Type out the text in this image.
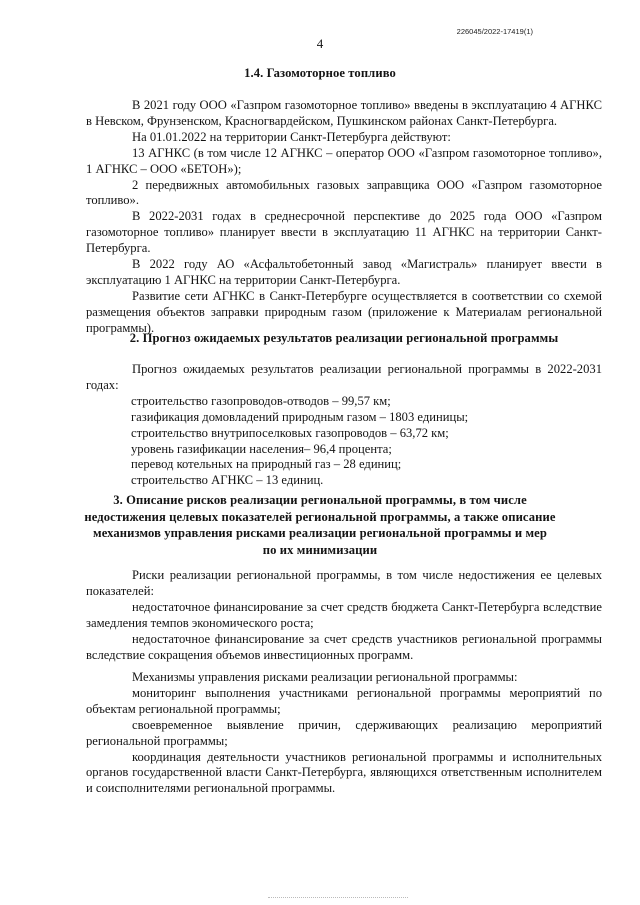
226045/2022-17419(1)
4
1.4. Газомоторное топливо

В 2021 году ООО «Газпром газомоторное топливо» введены в эксплуатацию 4 АГНКС в Невском, Фрунзенском, Красногвардейском, Пушкинском районах Санкт-Петербурга.

На 01.01.2022 на территории Санкт-Петербурга действуют:

13 АГНКС (в том числе 12 АГНКС – оператор ООО «Газпром газомоторное топливо», 1 АГНКС – ООО «БЕТОН»);

2 передвижных автомобильных газовых заправщика ООО «Газпром газомоторное топливо».

В 2022-2031 годах в среднесрочной перспективе до 2025 года ООО «Газпром газомоторное топливо» планирует ввести в эксплуатацию 11 АГНКС на территории Санкт-Петербурга.

В 2022 году АО «Асфальтобетонный завод «Магистраль» планирует ввести в эксплуатацию 1 АГНКС на территории Санкт-Петербурга.

Развитие сети АГНКС в Санкт-Петербурге осуществляется в соответствии со схемой размещения объектов заправки природным газом (приложение к Материалам региональной программы).

2. Прогноз ожидаемых результатов реализации региональной программы

Прогноз ожидаемых результатов реализации региональной программы в 2022-2031 годах:

строительство газопроводов-отводов – 99,57 км;

газификация домовладений природным газом – 1803 единицы;

строительство внутрипоселковых газопроводов – 63,72 км;

уровень газификации населения– 96,4 процента;

перевод котельных на природный газ – 28 единиц;

строительство АГНКС – 13 единиц.

3. Описание рисков реализации региональной программы, в том числе
недостижения целевых показателей региональной программы, а также описание
механизмов управления рисками реализации региональной программы и мер
по их минимизации

Риски реализации региональной программы, в том числе недостижения ее целевых показателей:

недостаточное финансирование за счет средств бюджета Санкт-Петербурга вследствие замедления темпов экономического роста;

недостаточное финансирование за счет средств участников региональной программы вследствие сокращения объемов инвестиционных программ.

Механизмы управления рисками реализации региональной программы:

мониторинг выполнения участниками региональной программы мероприятий по объектам региональной программы;

своевременное выявление причин, сдерживающих реализацию мероприятий региональной программы;

координация деятельности участников региональной программы и исполнительных органов государственной власти Санкт-Петербурга, являющихся ответственным исполнителем и соисполнителями региональной программы.
